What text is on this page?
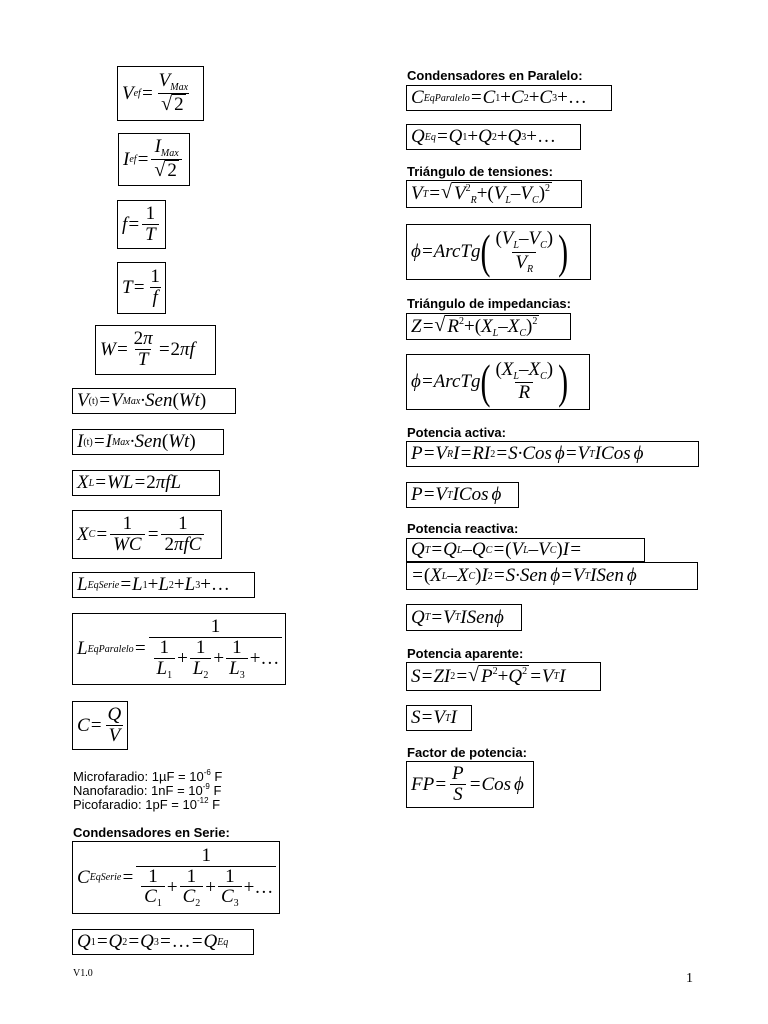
V ef = $\frac{V_{Max}}{√ 2}$
I ef = $\frac{I_{Max}}{√ 2}$
$f= \frac{1}{T}$
$T= \frac{1}{f}$
$W= \frac{2\pi}{T} = 2$ πf
V (t) =V Max ·Sen ( Wt )
I (t) =I Max ·Sen ( Wt )
X L =WL= 2 πfL
X $C = \frac{1}{WC} = \frac{1}{\text{2πfC}}$
L EqSerie =L 1 + L 2 + L 3 +…
L EqParalelo = $\frac{1}{\frac{1}{L_1} + \frac{1}{L_2} + \frac{1}{L_3} +\dots}$
$C= \frac{Q}{V}$
Microfaradio: $1\mu F = 10^{-6}$ F
Nanofaradio: $1nF = 10^{-9}$ F
Picofaradio: $1pF = 10^{-12}$ F
Condensadores en Serie:
C EqSerie = $\frac{1}{\frac{1}{C_1} + \frac{1}{C_2} + \frac{1}{C_3} +\dots}$
Q 1 =Q 2 =Q 3 = … =Q Eq
V1.0
Condensadores en Paralelo:
C EqParalelo =C 1 + C 2 + C 3 +…
Q Eq =Q 1 + Q 2 + Q 3 +…
Triángulo de tensiones:
V T = √ $V^2_R+(V_L-V_C)^2$
ϕ=ArcTg ( $\frac{(V_L-V_C)}{V_R}$ )
Triángulo de impedancias:
Z= √ $R^2+(X_L-X_C)^2$
ϕ=ArcTg ( $\frac{(X_L-X_C)}{R}$ )
Potencia activa:
P=V R I=RI 2 =S·Cos ϕ=V T ICos ϕ
P=V T ICos ϕ
Potencia reactiva:
Q T =Q L – Q C = ( V L – V C ) I=
= ( X L – X C ) I 2 =S·Sen ϕ=V T ISen ϕ
Q T =V T ISenϕ
Potencia aparente:
S=ZI 2 = √ $P^2+Q^2 =V$ T I
S=V T I
Factor de potencia:
$FP= \frac{P}{S} =Cos$ ϕ
1
